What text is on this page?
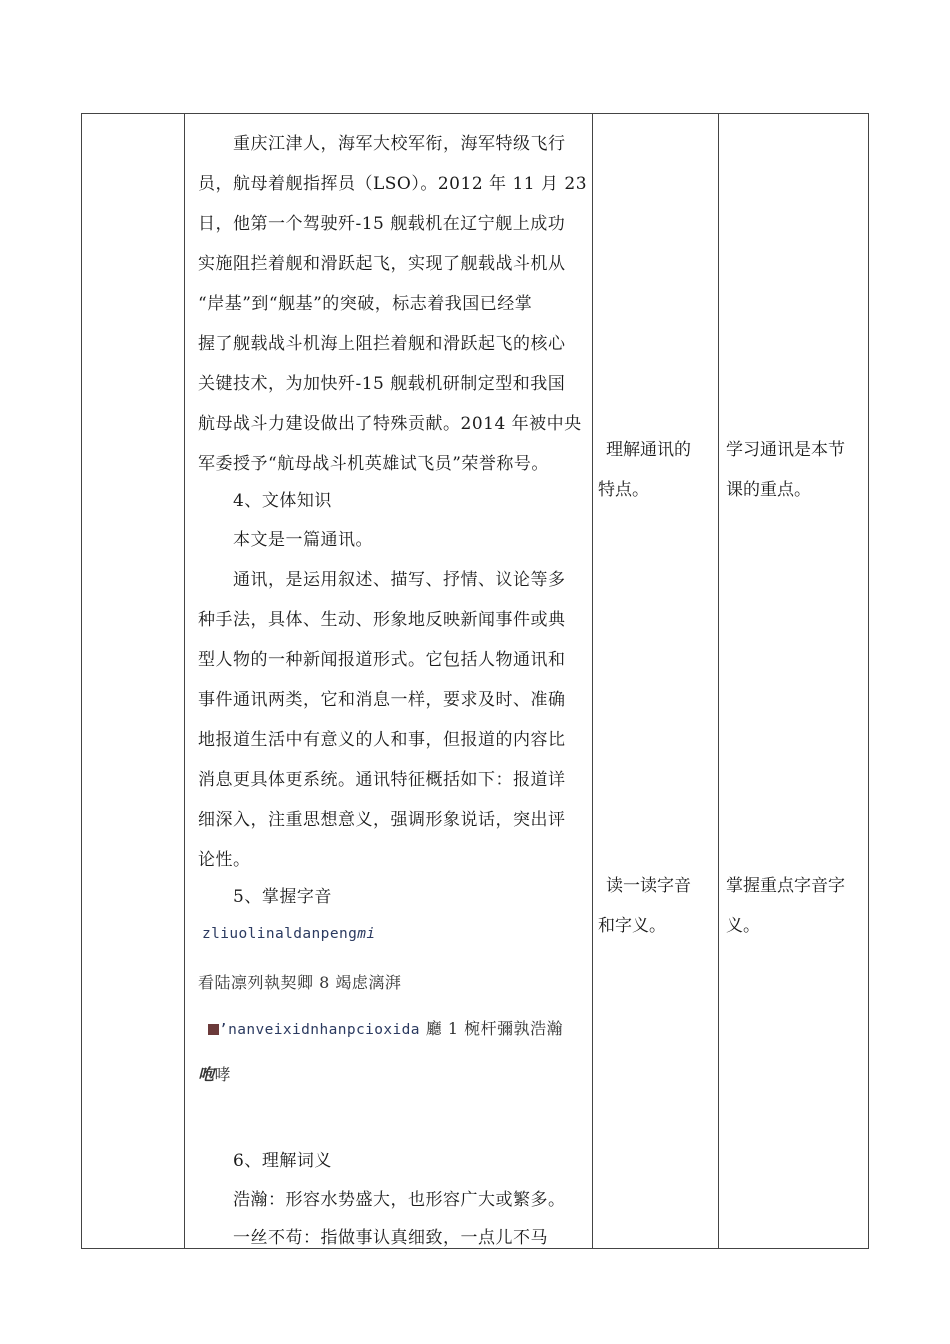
重庆江津人，海军大校军衔，海军特级飞行
员，航母着舰指挥员（LSO）。2012 年 11 月 23
日，他第一个驾驶歼-15 舰载机在辽宁舰上成功
实施阻拦着舰和滑跃起飞，实现了舰载战斗机从
“岸基”到“舰基”的突破，标志着我国已经掌
握了舰载战斗机海上阻拦着舰和滑跃起飞的核心
关键技术，为加快歼-15 舰载机研制定型和我国
航母战斗力建设做出了特殊贡献。2014 年被中央
军委授予“航母战斗机英雄试飞员”荣誉称号。
4、文体知识
本文是一篇通讯。
通讯，是运用叙述、描写、抒情、议论等多
种手法，具体、生动、形象地反映新闻事件或典
型人物的一种新闻报道形式。它包括人物通讯和
事件通讯两类，它和消息一样，要求及时、准确
地报道生活中有意义的人和事，但报道的内容比
消息更具体更系统。通讯特征概括如下：报道详
细深入，注重思想意义，强调形象说话，突出评
论性。
5、掌握字音
zliuolinaldanpengmi
看陆凛列執契卿 8 竭虑漓湃
’nanveixidnhanpcioxida 廳 1 椀杆彌孰浩瀚
咆哮
6、理解词义
浩瀚：形容水势盛大，也形容广大或繁多。
一丝不苟：指做事认真细致，一点儿不马
理解通讯的
特点。
读一读字音
和字义。
学习通讯是本节
课的重点。
掌握重点字音字
义。
